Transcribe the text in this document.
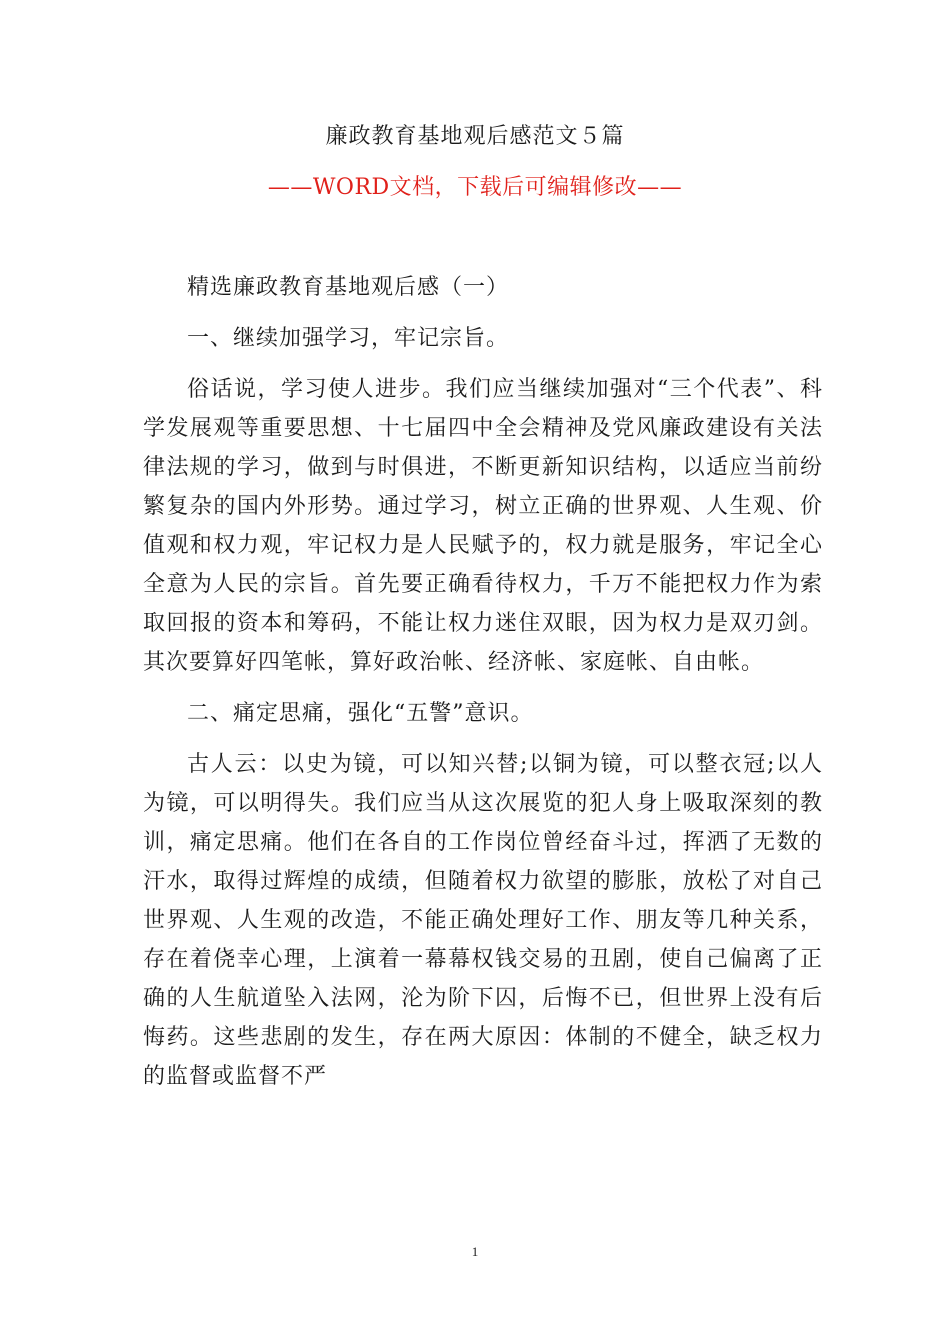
廉政教育基地观后感范文５篇
——WORD文档，下载后可编辑修改——

精选廉政教育基地观后感（一）

一、继续加强学习，牢记宗旨。

俗话说，学习使人进步。我们应当继续加强对“三个代表”、科学发展观等重要思想、十七届四中全会精神及党风廉政建设有关法律法规的学习，做到与时俱进，不断更新知识结构，以适应当前纷繁复杂的国内外形势。通过学习，树立正确的世界观、人生观、价值观和权力观，牢记权力是人民赋予的，权力就是服务，牢记全心全意为人民的宗旨。首先要正确看待权力，千万不能把权力作为索取回报的资本和筹码，不能让权力迷住双眼，因为权力是双刃剑。其次要算好四笔帐，算好政治帐、经济帐、家庭帐、自由帐。

二、痛定思痛，强化“五警”意识。

古人云：以史为镜，可以知兴替;以铜为镜，可以整衣冠;以人为镜，可以明得失。我们应当从这次展览的犯人身上吸取深刻的教训，痛定思痛。他们在各自的工作岗位曾经奋斗过，挥洒了无数的汗水，取得过辉煌的成绩，但随着权力欲望的膨胀，放松了对自己世界观、人生观的改造，不能正确处理好工作、朋友等几种关系，存在着侥幸心理，上演着一幕幕权钱交易的丑剧，使自己偏离了正确的人生航道坠入法网，沦为阶下囚，后悔不已，但世界上没有后悔药。这些悲剧的发生，存在两大原因：体制的不健全，缺乏权力的监督或监督不严

1
